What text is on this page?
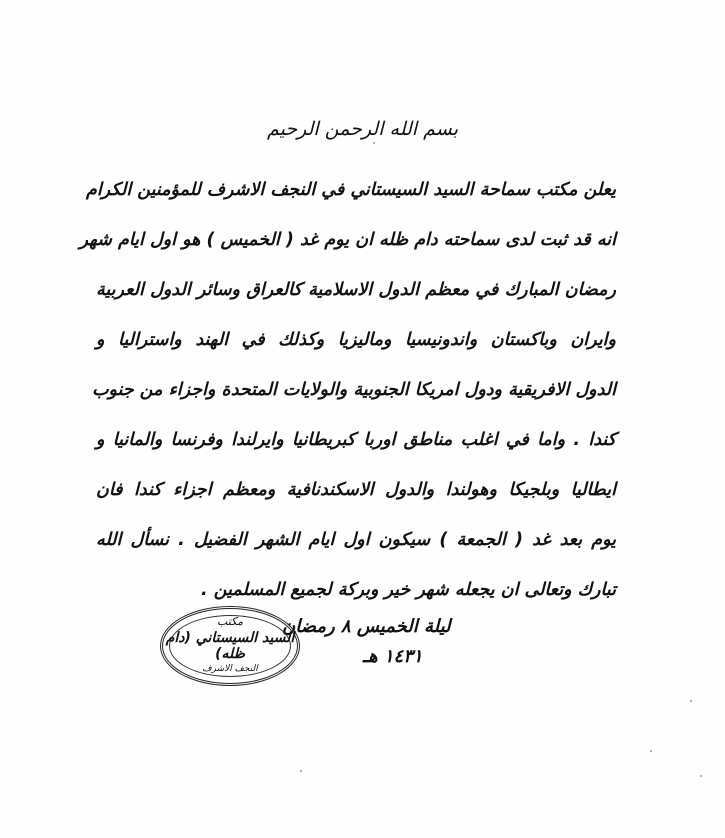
بسم الله الرحمن الرحيم
يعلن مكتب سماحة السيد السيستاني في النجف الاشرف للمؤمنين الكرام
انه قد ثبت لدى سماحته دام ظله ان يوم غد ( الخميس ) هو اول ايام شهر
رمضان المبارك في معظم الدول الاسلامية كالعراق وسائر الدول العربية
وايران وباكستان واندونيسيا وماليزيا وكذلك في الهند واستراليا و
الدول الافريقية ودول امريكا الجنوبية والولايات المتحدة واجزاء من جنوب
كندا . واما في اغلب مناطق اوربا كبريطانيا وايرلندا وفرنسا والمانيا و
ايطاليا وبلجيكا وهولندا والدول الاسكندنافية ومعظم اجزاء كندا فان
يوم بعد غد ( الجمعة ) سيكون اول ايام الشهر الفضيل . نسأل الله
تبارك وتعالى ان يجعله شهر خير وبركة لجميع المسلمين .
ليلة الخميس ٨ رمضان
١٤٣١ هـ
مكتب
السيد السيستاني (دام ظله)
النجف الاشرف
